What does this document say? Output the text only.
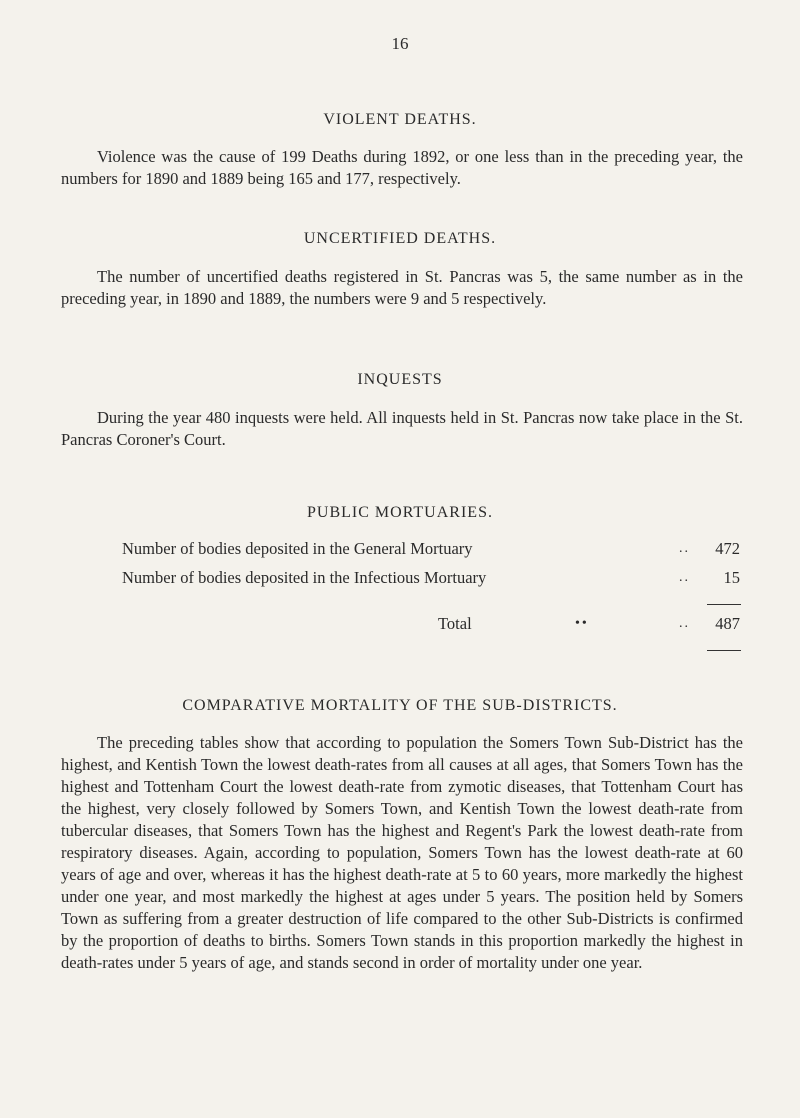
16
VIOLENT DEATHS.
Violence was the cause of 199 Deaths during 1892, or one less than in the preceding year, the numbers for 1890 and 1889 being 165 and 177, respectively.
UNCERTIFIED DEATHS.
The number of uncertified deaths registered in St. Pancras was 5, the same number as in the preceding year, in 1890 and 1889, the numbers were 9 and 5 respectively.
INQUESTS
During the year 480 inquests were held. All inquests held in St. Pancras now take place in the St. Pancras Coroner's Court.
PUBLIC MORTUARIES.
Number of bodies deposited in the General Mortuary	.. 472
Number of bodies deposited in the Infectious Mortuary	.. 15
Total	••	.. 487
COMPARATIVE MORTALITY OF THE SUB-DISTRICTS.
The preceding tables show that according to population the Somers Town Sub-District has the highest, and Kentish Town the lowest death-rates from all causes at all ages, that Somers Town has the highest and Tottenham Court the lowest death-rate from zymotic diseases, that Tottenham Court has the highest, very closely followed by Somers Town, and Kentish Town the lowest death-rate from tubercular diseases, that Somers Town has the highest and Regent's Park the lowest death-rate from respiratory diseases. Again, according to population, Somers Town has the lowest death-rate at 60 years of age and over, whereas it has the highest death-rate at 5 to 60 years, more markedly the highest under one year, and most markedly the highest at ages under 5 years. The position held by Somers Town as suffering from a greater destruction of life compared to the other Sub-Districts is confirmed by the proportion of deaths to births. Somers Town stands in this proportion markedly the highest in death-rates under 5 years of age, and stands second in order of mortality under one year.
